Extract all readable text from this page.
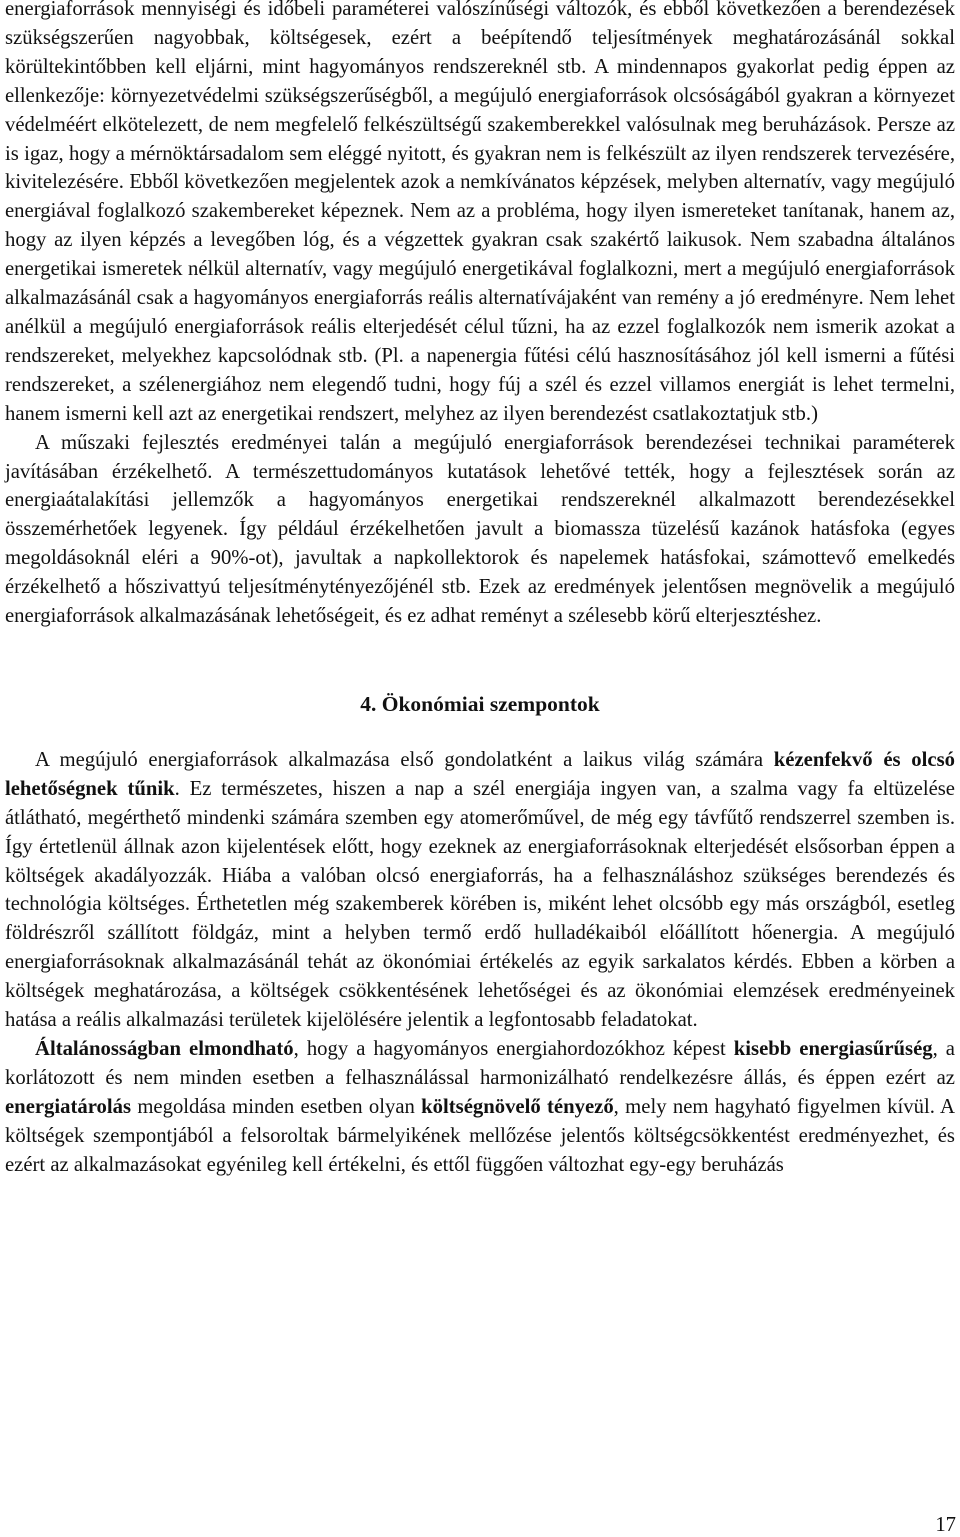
energiaforrások mennyiségi és időbeli paraméterei valószínűségi változók, és ebből következően a berendezések szükségszerűen nagyobbak, költségesek, ezért a beépítendő teljesítmények meghatározásánál sokkal körültekintőbben kell eljárni, mint hagyományos rendszereknél stb. A mindennapos gyakorlat pedig éppen az ellenkezője: környezetvédelmi szükségszerűségből, a megújuló energiaforrások olcsóságából gyakran a környezet védelméért elkötelezett, de nem megfelelő felkészültségű szakemberekkel valósulnak meg beruházások. Persze az is igaz, hogy a mérnöktársadalom sem eléggé nyitott, és gyakran nem is felkészült az ilyen rendszerek tervezésére, kivitelezésére. Ebből következően megjelentek azok a nemkívánatos képzések, melyben alternatív, vagy megújuló energiával foglalkozó szakembereket képeznek. Nem az a probléma, hogy ilyen ismereteket tanítanak, hanem az, hogy az ilyen képzés a levegőben lóg, és a végzettek gyakran csak szakértő laikusok. Nem szabadna általános energetikai ismeretek nélkül alternatív, vagy megújuló energetikával foglalkozni, mert a megújuló energiaforrások alkalmazásánál csak a hagyományos energiaforrás reális alternatívájaként van remény a jó eredményre. Nem lehet anélkül a megújuló energiaforrások reális elterjedését célul tűzni, ha az ezzel foglalkozók nem ismerik azokat a rendszereket, melyekhez kapcsolódnak stb. (Pl. a napenergia fűtési célú hasznosításához jól kell ismerni a fűtési rendszereket, a szélenergiához nem elegendő tudni, hogy fúj a szél és ezzel villamos energiát is lehet termelni, hanem ismerni kell azt az energetikai rendszert, melyhez az ilyen berendezést csatlakoztatjuk stb.)

A műszaki fejlesztés eredményei talán a megújuló energiaforrások berendezései technikai paraméterek javításában érzékelhető. A természettudományos kutatások lehetővé tették, hogy a fejlesztések során az energiaátalakítási jellemzők a hagyományos energetikai rendszereknél alkalmazott berendezésekkel összemérhetőek legyenek. Így például érzékelhetően javult a biomassza tüzelésű kazánok hatásfoka (egyes megoldásoknál eléri a 90%-ot), javultak a napkollektorok és napelemek hatásfokai, számottevő emelkedés érzékelhető a hőszivattyú teljesítménytényezőjénél stb. Ezek az eredmények jelentősen megnövelik a megújuló energiaforrások alkalmazásának lehetőségeit, és ez adhat reményt a szélesebb körű elterjesztéshez.

4. Ökonómiai szempontok

A megújuló energiaforrások alkalmazása első gondolatként a laikus világ számára kézenfekvő és olcsó lehetőségnek tűnik. Ez természetes, hiszen a nap a szél energiája ingyen van, a szalma vagy fa eltüzelése átlátható, megérthető mindenki számára szemben egy atomerőművel, de még egy távfűtő rendszerrel szemben is. Így értetlenül állnak azon kijelentések előtt, hogy ezeknek az energiaforrásoknak elterjedését elsősorban éppen a költségek akadályozzák. Hiába a valóban olcsó energiaforrás, ha a felhasználáshoz szükséges berendezés és technológia költséges. Érthetetlen még szakemberek körében is, miként lehet olcsóbb egy más országból, esetleg földrészről szállított földgáz, mint a helyben termő erdő hulladékaiból előállított hőenergia. A megújuló energiaforrásoknak alkalmazásánál tehát az ökonómiai értékelés az egyik sarkalatos kérdés. Ebben a körben a költségek meghatározása, a költségek csökkentésének lehetőségei és az ökonómiai elemzések eredményeinek hatása a reális alkalmazási területek kijelölésére jelentik a legfontosabb feladatokat.

Általánosságban elmondható, hogy a hagyományos energiahordozókhoz képest kisebb energiasűrűség, a korlátozott és nem minden esetben a felhasználással harmonizálható rendelkezésre állás, és éppen ezért az energiatárolás megoldása minden esetben olyan költségnövelő tényező, mely nem hagyható figyelmen kívül. A költségek szempontjából a felsoroltak bármelyikének mellőzése jelentős költségcsökkentést eredményezhet, és ezért az alkalmazásokat egyénileg kell értékelni, és ettől függően változhat egy-egy beruházás

17
